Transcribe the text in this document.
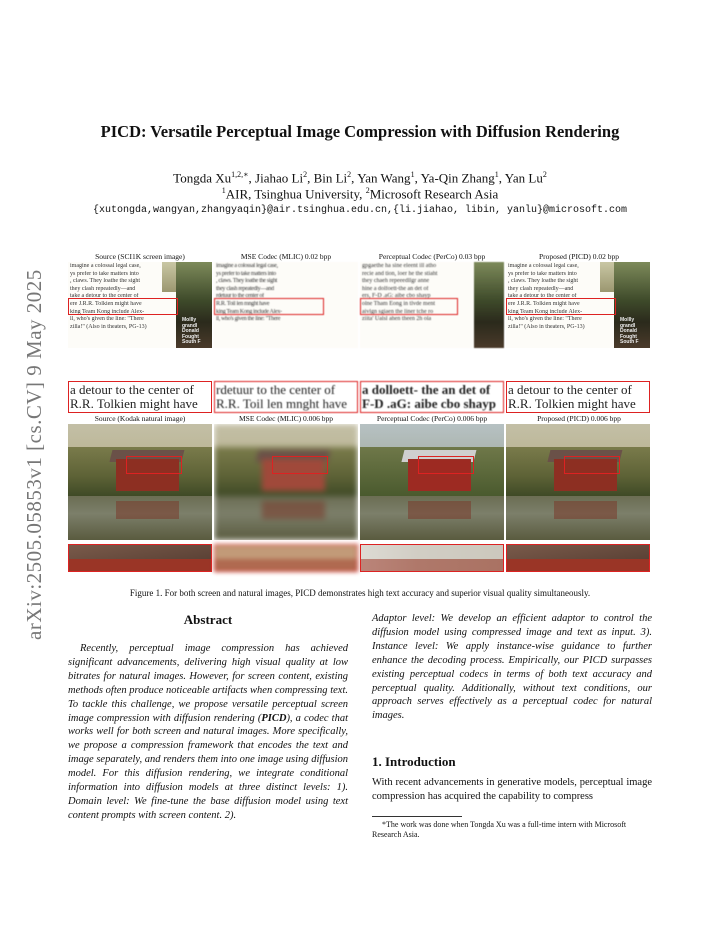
arXiv:2505.05853v1 [cs.CV] 9 May 2025
PICD: Versatile Perceptual Image Compression with Diffusion Rendering
Tongda $Xu^{1,2,∗}$, Jiahao Li$^2$, Bin Li$^2$, Yan Wang$^1$, Ya-Qin Zhang$^1$, Yan Lu$^2$
$^1$AIR, Tsinghua University, $^2$Microsoft Research Asia
{xutongda,wangyan,zhangyaqin}@air.tsinghua.edu.cn,{li.jiahao, libin, yanlu}@microsoft.com
Source (SCI1K screen image)	MSE Codec (MLIC) 0.02 bpp	Perceptual Codec (PerCo) 0.03 bpp	Proposed (PICD) 0.02 bpp
Mollly
grandl
Donald
Fought
South F
imagine a colossal legal case,
ys prefer to take matters into
, claws. They loathe the sight
they clash repeatedly—and
take a detour to the center of
ere J.R.R. Tolkien might have
king Team Kong include Alex-
ll, who's given the line: "There
zilla!" (Also in theaters, PG-13)
imagine a colossal legal case,
ys prefer to take matters into
, claws. They loathe the sight
they clash repeatedly—and
rdetuur to the center of
R.R. Toil len mnght have
king Team Kong include Alex-
ll, who's given the line: "There
gpgaethe ha sine eleent ill atho
recie and tion, loer he the stiaht
they chaeh repeeedllgr anne
hine a dolfoett-the an det of
ers, F-D .aG: aibe cbo shayp
olne Tham Eong in tlvde ment
aivlgn sgiaen the liner tche ro
ziita' Ualsl ahen theen 2h ola	Mollly
grandl
Donald
Fought
South F
imagine a colossal legal case,
ys prefer to take matters into
, claws. They loathe the sight
they clash repeatedly—and
take a detour to the center of
ere J.R.R. Tolkien might have
king Team Kong include Alex-
ll, who's given the line: "There
zilla!" (Also in theaters, PG-13)
a detour to the center of
R.R. Tolkien might have
rdetuur to the center of
R.R. Toil len mnght have
a dolloett- the an det of
F-D .aG: aibe cbo shayp
a detour to the center of
R.R. Tolkien might have
Source (Kodak natural image)	MSE Codec (MLIC) 0.006 bpp	Perceptual Codec (PerCo) 0.006 bpp	Proposed (PICD) 0.006 bpp
Figure 1. For both screen and natural images, PICD demonstrates high text accuracy and superior visual quality simultaneously.
Abstract
Recently, perceptual image compression has achieved significant advancements, delivering high visual quality at low bitrates for natural images. However, for screen content, existing methods often produce noticeable artifacts when compressing text. To tackle this challenge, we propose versatile perceptual screen image compression with diffusion rendering (PICD), a codec that works well for both screen and natural images. More specifically, we propose a compression framework that encodes the text and image separately, and renders them into one image using diffusion model. For this diffusion rendering, we integrate conditional information into diffusion models at three distinct levels: 1). Domain level: We fine-tune the base diffusion model using text content prompts with screen content. 2).
Adaptor level: We develop an efficient adaptor to control the diffusion model using compressed image and text as input. 3). Instance level: We apply instance-wise guidance to further enhance the decoding process. Empirically, our PICD surpasses existing perceptual codecs in terms of both text accuracy and perceptual quality. Additionally, without text conditions, our approach serves effectively as a perceptual codec for natural images.
1. Introduction
With recent advancements in generative models, perceptual image compression has acquired the capability to compress
*The work was done when Tongda Xu was a full-time intern with Microsoft Research Asia.
